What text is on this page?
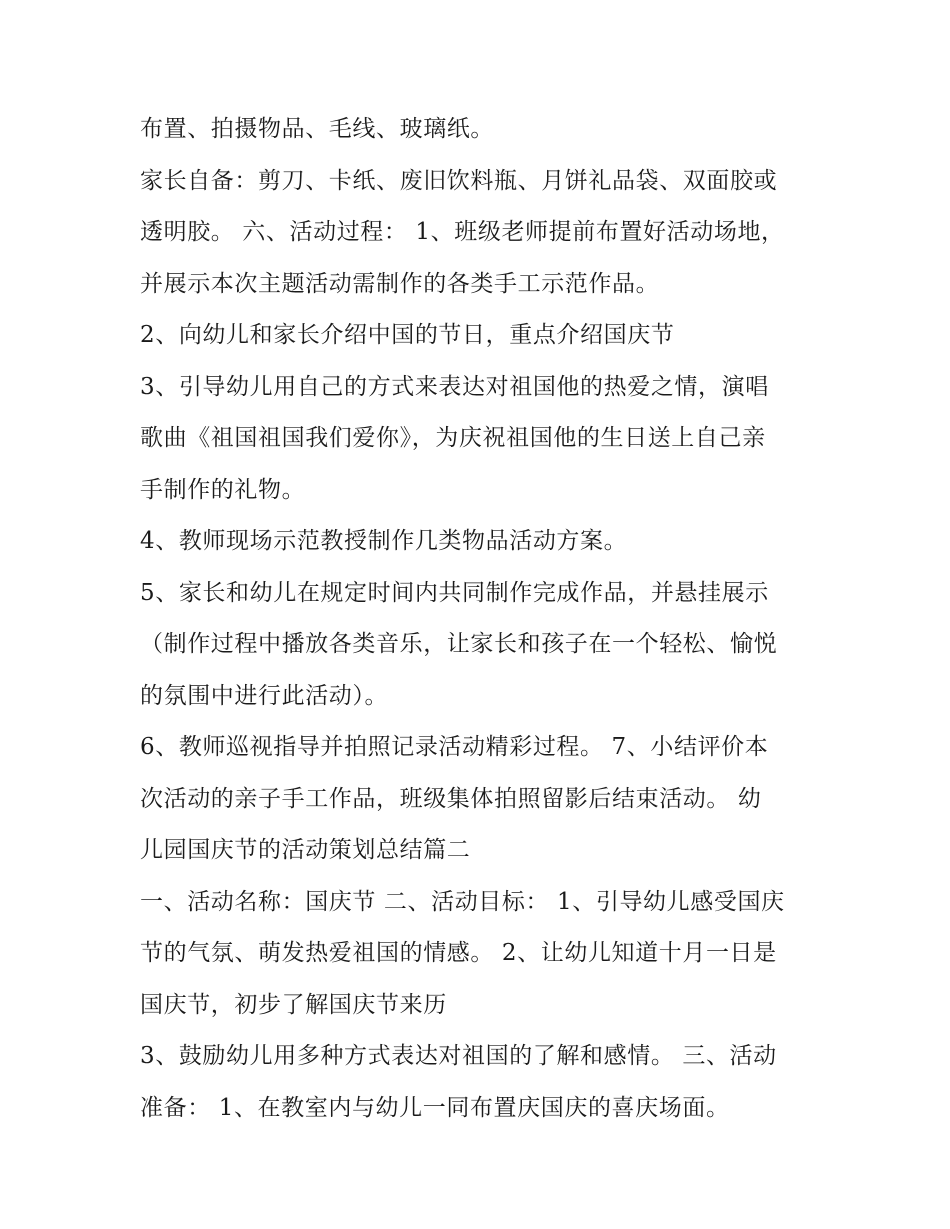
布置、拍摄物品、毛线、玻璃纸。
家长自备：剪刀、卡纸、废旧饮料瓶、月饼礼品袋、双面胶或
透明胶。 六、活动过程： 1、班级老师提前布置好活动场地，
并展示本次主题活动需制作的各类手工示范作品。
2、向幼儿和家长介绍中国的节日，重点介绍国庆节
3、引导幼儿用自己的方式来表达对祖国他的热爱之情，演唱
歌曲《祖国祖国我们爱你》，为庆祝祖国他的生日送上自己亲
手制作的礼物。
4、教师现场示范教授制作几类物品活动方案。
5、家长和幼儿在规定时间内共同制作完成作品，并悬挂展示
（制作过程中播放各类音乐，让家长和孩子在一个轻松、愉悦
的氛围中进行此活动）。
6、教师巡视指导并拍照记录活动精彩过程。 7、小结评价本
次活动的亲子手工作品，班级集体拍照留影后结束活动。 幼
儿园国庆节的活动策划总结篇二
一、活动名称：国庆节 二、活动目标： 1、引导幼儿感受国庆
节的气氛、萌发热爱祖国的情感。 2、让幼儿知道十月一日是
国庆节，初步了解国庆节来历
3、鼓励幼儿用多种方式表达对祖国的了解和感情。 三、活动
准备： 1、在教室内与幼儿一同布置庆国庆的喜庆场面。
